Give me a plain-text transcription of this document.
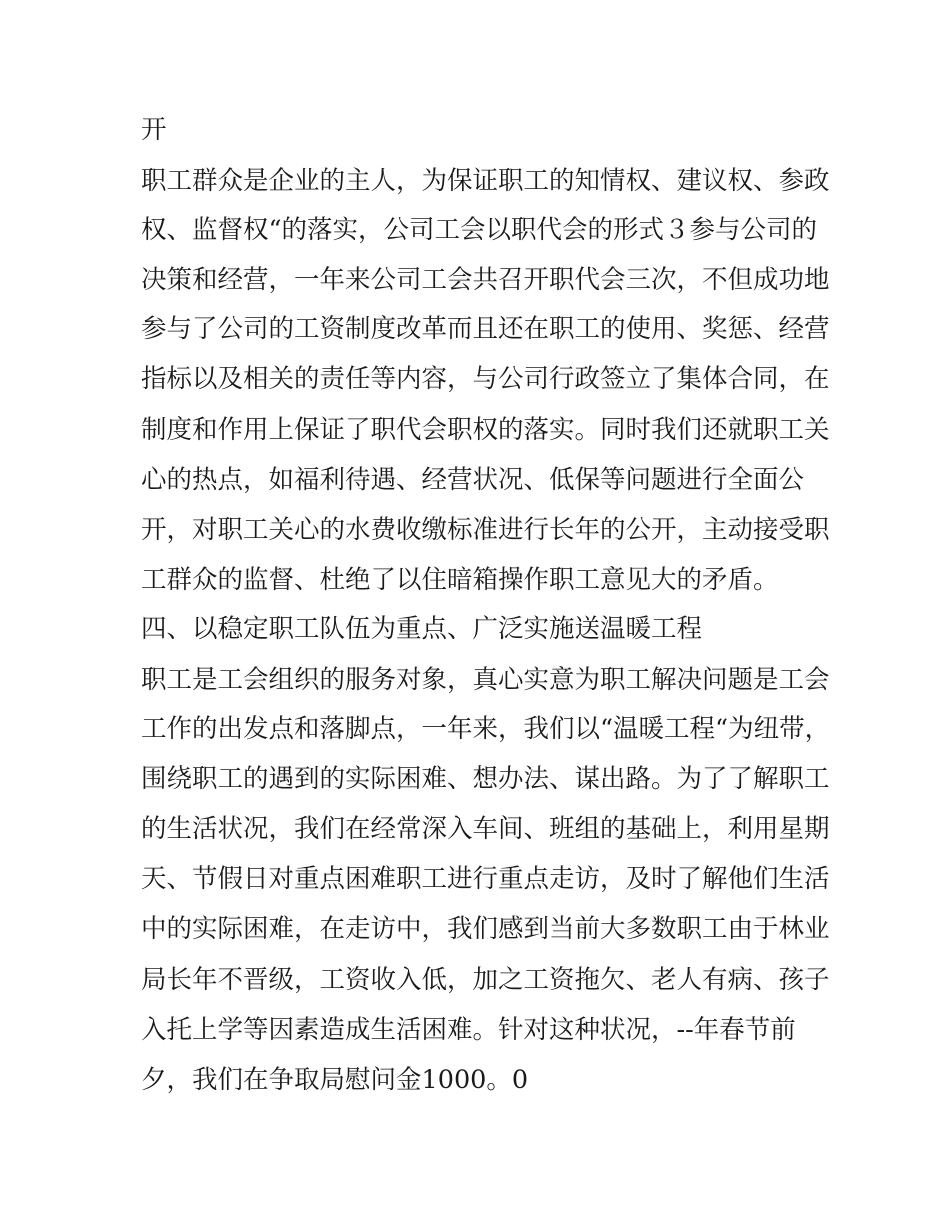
开

职工群众是企业的主人，为保证职工的知情权、建议权、参政

权、监督权“的落实，公司工会以职代会的形式３参与公司的

决策和经营，一年来公司工会共召开职代会三次，不但成功地

参与了公司的工资制度改革而且还在职工的使用、奖惩、经营

指标以及相关的责任等内容，与公司行政签立了集体合同，在

制度和作用上保证了职代会职权的落实。同时我们还就职工关

心的热点，如福利待遇、经营状况、低保等问题进行全面公

开，对职工关心的水费收缴标准进行长年的公开，主动接受职

工群众的监督、杜绝了以住暗箱操作职工意见大的矛盾。

四、以稳定职工队伍为重点、广泛实施送温暖工程

职工是工会组织的服务对象，真心实意为职工解决问题是工会

工作的出发点和落脚点，一年来，我们以“温暖工程“为纽带，

围绕职工的遇到的实际困难、想办法、谋出路。为了了解职工

的生活状况，我们在经常深入车间、班组的基础上，利用星期

天、节假日对重点困难职工进行重点走访，及时了解他们生活

中的实际困难，在走访中，我们感到当前大多数职工由于林业

局长年不晋级，工资收入低，加之工资拖欠、老人有病、孩子

入托上学等因素造成生活困难。针对这种状况，--年春节前

夕，我们在争取局慰问金1000。0
